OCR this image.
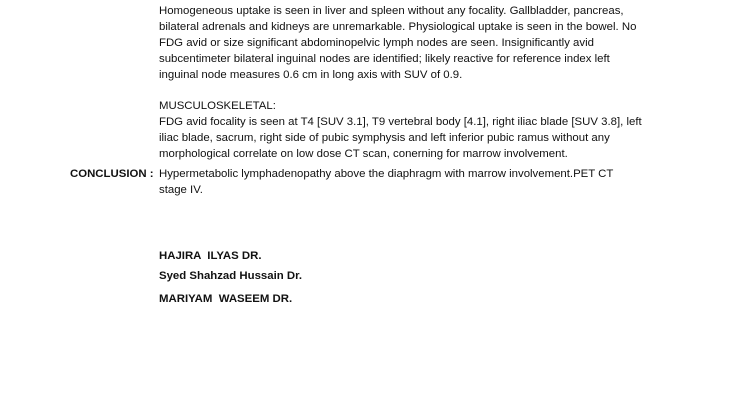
Homogeneous uptake is seen in liver and spleen without any focality. Gallbladder, pancreas,
bilateral adrenals and kidneys are unremarkable. Physiological uptake is seen in the bowel. No
FDG avid or size significant abdominopelvic lymph nodes are seen. Insignificantly avid
subcentimeter bilateral inguinal nodes are identified; likely reactive for reference index left
inguinal node measures 0.6 cm in long axis with SUV of 0.9.
MUSCULOSKELETAL:
FDG avid focality is seen at T4 [SUV 3.1], T9 vertebral body [4.1], right iliac blade [SUV 3.8], left
iliac blade, sacrum, right side of pubic symphysis and left inferior pubic ramus without any
morphological correlate on low dose CT scan, conerning for marrow involvement.
CONCLUSION : Hypermetabolic lymphadenopathy above the diaphragm with marrow involvement.PET CT
stage IV.
HAJIRA  ILYAS DR.
Syed Shahzad Hussain Dr.
MARIYAM  WASEEM DR.
